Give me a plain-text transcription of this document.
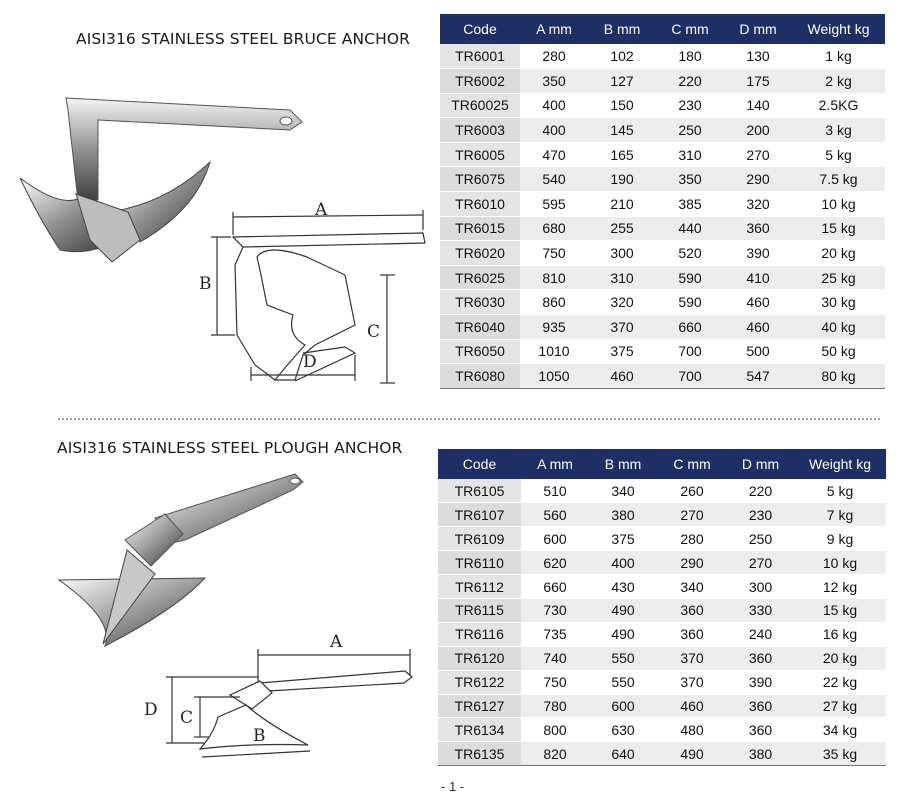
AISI316 STAINLESS STEEL BRUCE ANCHOR
A
B
C
D
Code	A mm	B mm	C mm	D mm	Weight kg
TR6001	280	102	180	130	1 kg
TR6002	350	127	220	175	2 kg
TR60025	400	150	230	140	2.5KG
TR6003	400	145	250	200	3 kg
TR6005	470	165	310	270	5 kg
TR6075	540	190	350	290	7.5 kg
TR6010	595	210	385	320	10 kg
TR6015	680	255	440	360	15 kg
TR6020	750	300	520	390	20 kg
TR6025	810	310	590	410	25 kg
TR6030	860	320	590	460	30 kg
TR6040	935	370	660	460	40 kg
TR6050	1010	375	700	500	50 kg
TR6080	1050	460	700	547	80 kg
AISI316 STAINLESS STEEL PLOUGH ANCHOR
A
B
C
D
Code	A mm	B mm	C mm	D mm	Weight kg
TR6105	510	340	260	220	5 kg
TR6107	560	380	270	230	7 kg
TR6109	600	375	280	250	9 kg
TR6110	620	400	290	270	10 kg
TR6112	660	430	340	300	12 kg
TR6115	730	490	360	330	15 kg
TR6116	735	490	360	240	16 kg
TR6120	740	550	370	360	20 kg
TR6122	750	550	370	390	22 kg
TR6127	780	600	460	360	27 kg
TR6134	800	630	480	360	34 kg
TR6135	820	640	490	380	35 kg
- 1 -
